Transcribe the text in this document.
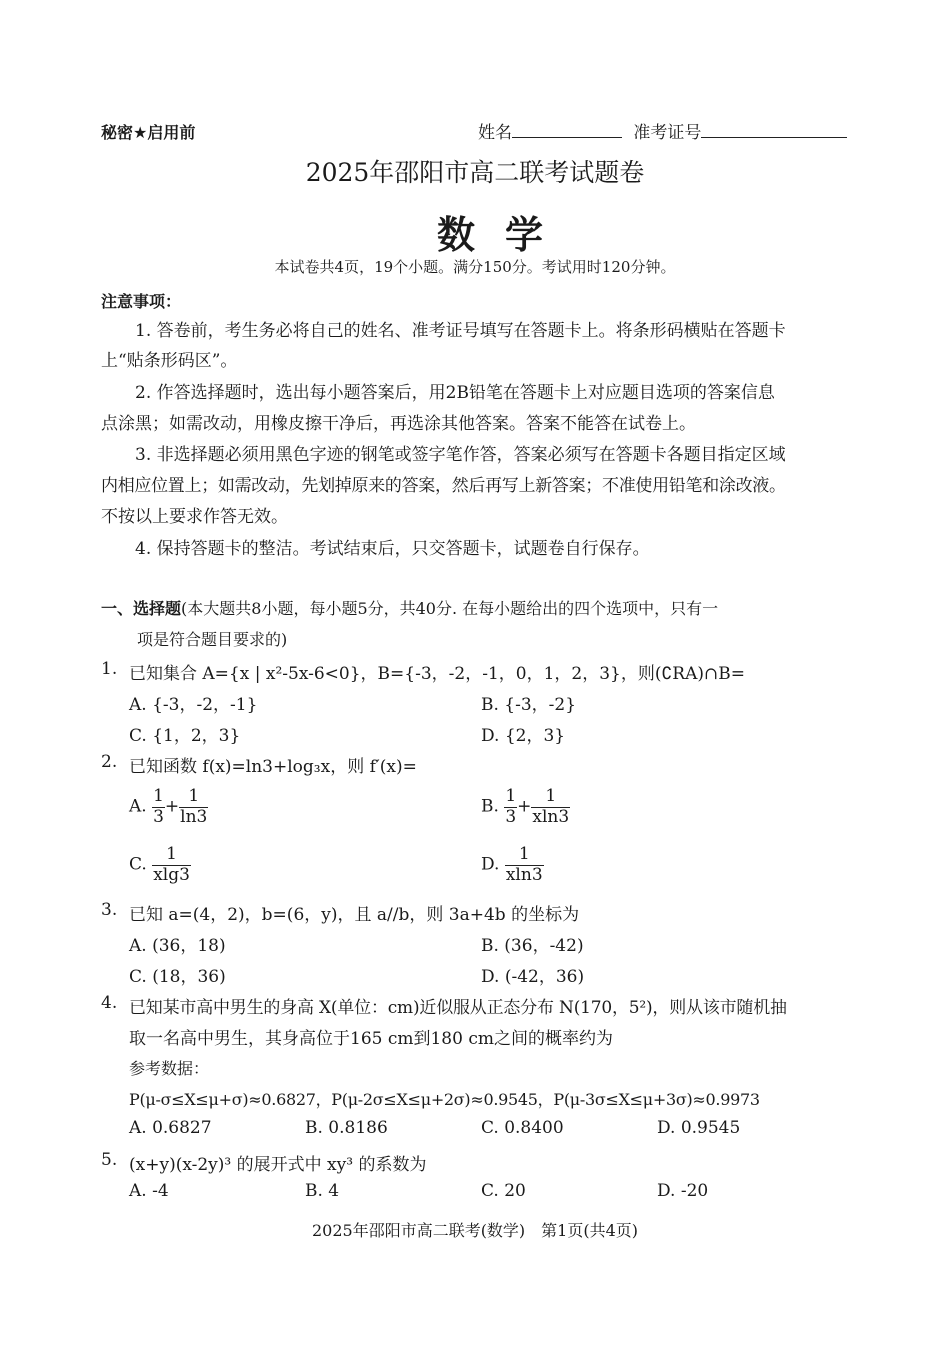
秘密★启用前	姓名	准考证号
2025年邵阳市高二联考试题卷
数学
本试卷共4页，19个小题。满分150分。考试用时120分钟。
注意事项：
1. 答卷前，考生务必将自己的姓名、准考证号填写在答题卡上。将条形码横贴在答题卡
上“贴条形码区”。
2. 作答选择题时，选出每小题答案后，用2B铅笔在答题卡上对应题目选项的答案信息
点涂黑；如需改动，用橡皮擦干净后，再选涂其他答案。答案不能答在试卷上。
3. 非选择题必须用黑色字迹的钢笔或签字笔作答，答案必须写在答题卡各题目指定区域
内相应位置上；如需改动，先划掉原来的答案，然后再写上新答案；不准使用铅笔和涂改液。
不按以上要求作答无效。
4. 保持答题卡的整洁。考试结束后，只交答题卡，试题卷自行保存。
一、选择题(本大题共8小题，每小题5分，共40分. 在每小题给出的四个选项中，只有一
项是符合题目要求的)
1. 已知集合 A={x | x²-5x-6<0}，B={-3，-2，-1，0，1，2，3}，则(∁RA)∩B=
A. {-3，-2，-1}	B. {-3，-2}
C. {1，2，3}	D. {2，3}
2. 已知函数 f(x)=ln3+log₃x，则 f′(x)=
A. $\frac{1}{3} + \frac{1}{\ln 3}$	B. $\frac{1}{3} + \frac{1}{xln3}$
C. $\frac{1}{xlg3}$	D. $\frac{1}{xln3}$
3. 已知 a=(4，2)，b=(6，y)，且 a//b，则 3a+4b 的坐标为
A. (36，18)	B. (36，-42)
C. (18，36)	D. (-42，36)
4. 已知某市高中男生的身高 X(单位：cm)近似服从正态分布 N(170，5²)，则从该市随机抽
取一名高中男生，其身高位于165 cm到180 cm之间的概率约为
参考数据：
P(μ-σ≤X≤μ+σ)≈0.6827，P(μ-2σ≤X≤μ+2σ)≈0.9545，P(μ-3σ≤X≤μ+3σ)≈0.9973
A. 0.6827	B. 0.8186	C. 0.8400	D. 0.9545
5. (x+y)(x-2y)³ 的展开式中 xy³ 的系数为
A. -4	B. 4	C. 20	D. -20
2025年邵阳市高二联考(数学)　第1页(共4页)
